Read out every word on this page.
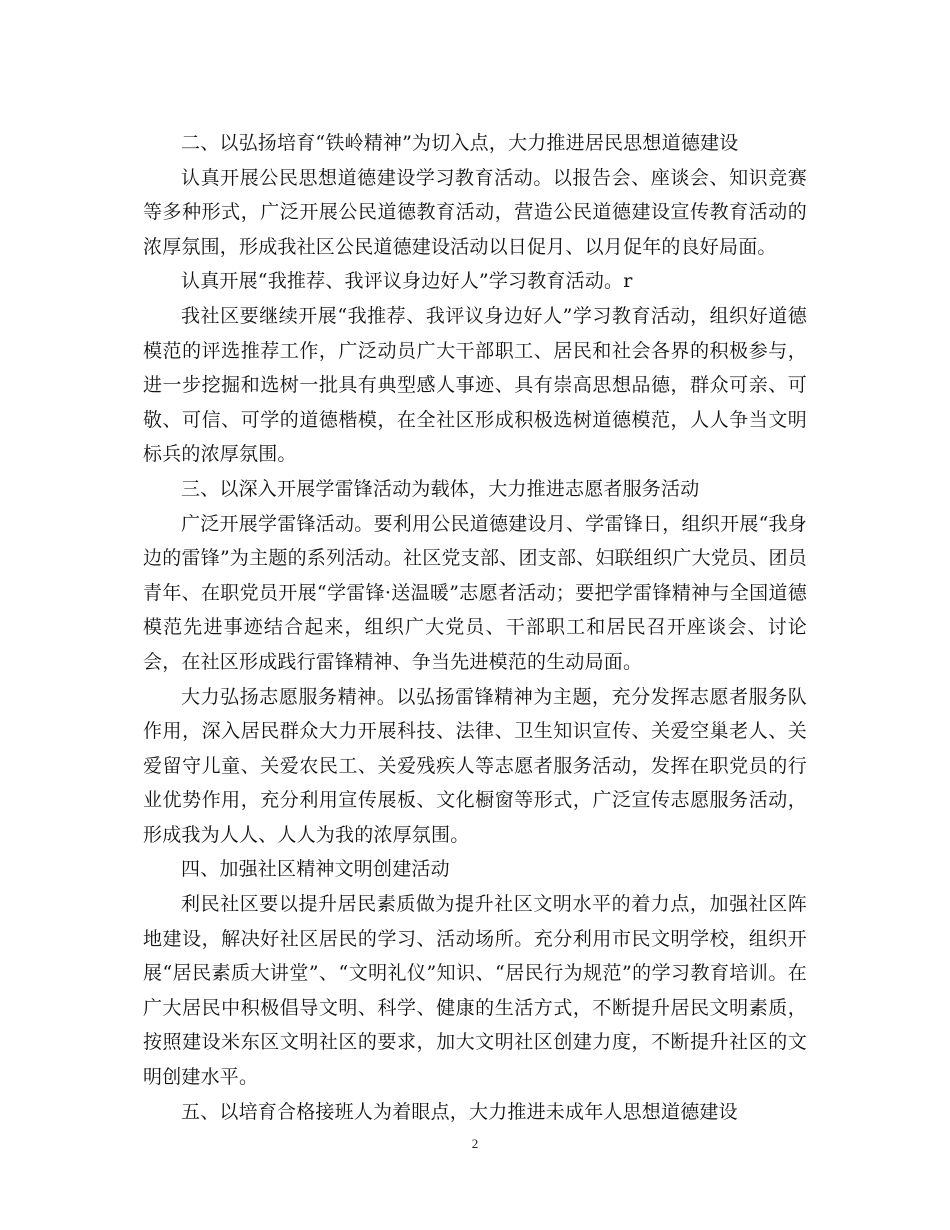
二、以弘扬培育“铁岭精神”为切入点，大力推进居民思想道德建设

认真开展公民思想道德建设学习教育活动。以报告会、座谈会、知识竞赛等多种形式，广泛开展公民道德教育活动，营造公民道德建设宣传教育活动的浓厚氛围，形成我社区公民道德建设活动以日促月、以月促年的良好局面。

认真开展“我推荐、我评议身边好人”学习教育活动。r

我社区要继续开展“我推荐、我评议身边好人”学习教育活动，组织好道德模范的评选推荐工作，广泛动员广大干部职工、居民和社会各界的积极参与，进一步挖掘和选树一批具有典型感人事迹、具有崇高思想品德，群众可亲、可敬、可信、可学的道德楷模，在全社区形成积极选树道德模范，人人争当文明标兵的浓厚氛围。

三、以深入开展学雷锋活动为载体，大力推进志愿者服务活动

广泛开展学雷锋活动。要利用公民道德建设月、学雷锋日，组织开展“我身边的雷锋”为主题的系列活动。社区党支部、团支部、妇联组织广大党员、团员青年、在职党员开展“学雷锋·送温暖”志愿者活动；要把学雷锋精神与全国道德模范先进事迹结合起来，组织广大党员、干部职工和居民召开座谈会、讨论会，在社区形成践行雷锋精神、争当先进模范的生动局面。

大力弘扬志愿服务精神。以弘扬雷锋精神为主题，充分发挥志愿者服务队作用，深入居民群众大力开展科技、法律、卫生知识宣传、关爱空巢老人、关爱留守儿童、关爱农民工、关爱残疾人等志愿者服务活动，发挥在职党员的行业优势作用，充分利用宣传展板、文化橱窗等形式，广泛宣传志愿服务活动，形成我为人人、人人为我的浓厚氛围。

四、加强社区精神文明创建活动

利民社区要以提升居民素质做为提升社区文明水平的着力点，加强社区阵地建设，解决好社区居民的学习、活动场所。充分利用市民文明学校，组织开展“居民素质大讲堂”、“文明礼仪”知识、“居民行为规范”的学习教育培训。在广大居民中积极倡导文明、科学、健康的生活方式，不断提升居民文明素质，按照建设米东区文明社区的要求，加大文明社区创建力度，不断提升社区的文明创建水平。

五、以培育合格接班人为着眼点，大力推进未成年人思想道德建设

2
